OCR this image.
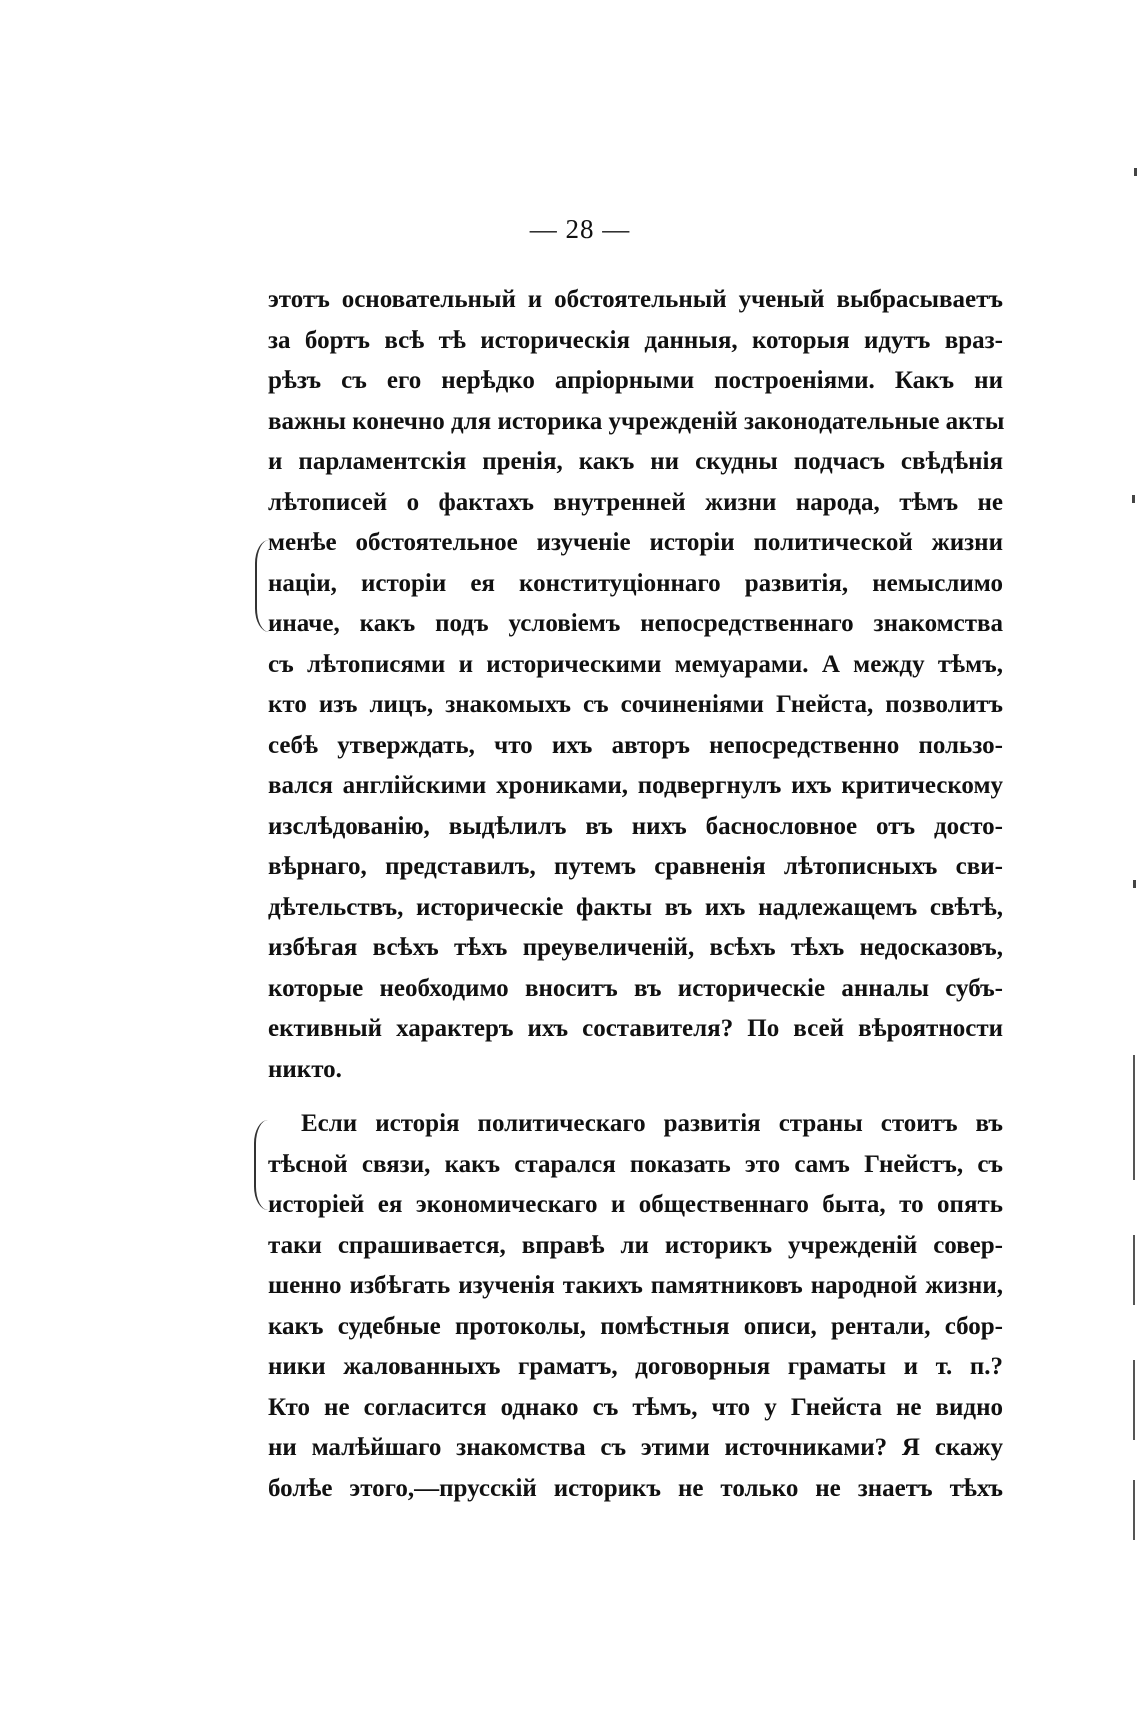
— 28 —
этотъ основательный и обстоятельный ученый выбрасываетъ
за бортъ всѣ тѣ историческія данныя, которыя идутъ враз-
рѣзъ съ его нерѣдко апріорными построеніями. Какъ ни
важны конечно для историка учрежденій законодательные акты
и парламентскія пренія, какъ ни скудны подчасъ свѣдѣнія
лѣтописей о фактахъ внутренней жизни народа, тѣмъ не
менѣе обстоятельное изученіе исторіи политической жизни
націи, исторіи ея конституціоннаго развитія, немыслимо
иначе, какъ подъ условіемъ непосредственнаго знакомства
съ лѣтописями и историческими мемуарами. А между тѣмъ,
кто изъ лицъ, знакомыхъ съ сочиненіями Гнейста, позволитъ
себѣ утверждать, что ихъ авторъ непосредственно пользо-
вался англійскими хрониками, подвергнулъ ихъ критическому
изслѣдованію, выдѣлилъ въ нихъ баснословное отъ досто-
вѣрнаго, представилъ, путемъ сравненія лѣтописныхъ сви-
дѣтельствъ, историческіе факты въ ихъ надлежащемъ свѣтѣ,
избѣгая всѣхъ тѣхъ преувеличеній, всѣхъ тѣхъ недосказовъ,
которые необходимо вноситъ въ историческіе анналы субъ-
ективный характеръ ихъ составителя? По всей вѣроятности
никто.
Если исторія политическаго развитія страны стоитъ въ
тѣсной связи, какъ старался показать это самъ Гнейстъ, съ
исторіей ея экономическаго и общественнаго быта, то опять
таки спрашивается, вправѣ ли историкъ учрежденій совер-
шенно избѣгать изученія такихъ памятниковъ народной жизни,
какъ судебные протоколы, помѣстныя описи, рентали, сбор-
ники жалованныхъ граматъ, договорныя граматы и т. п.?
Кто не согласится однако съ тѣмъ, что у Гнейста не видно
ни малѣйшаго знакомства съ этими источниками? Я скажу
болѣе этого,—прусскій историкъ не только не знаетъ тѣхъ
